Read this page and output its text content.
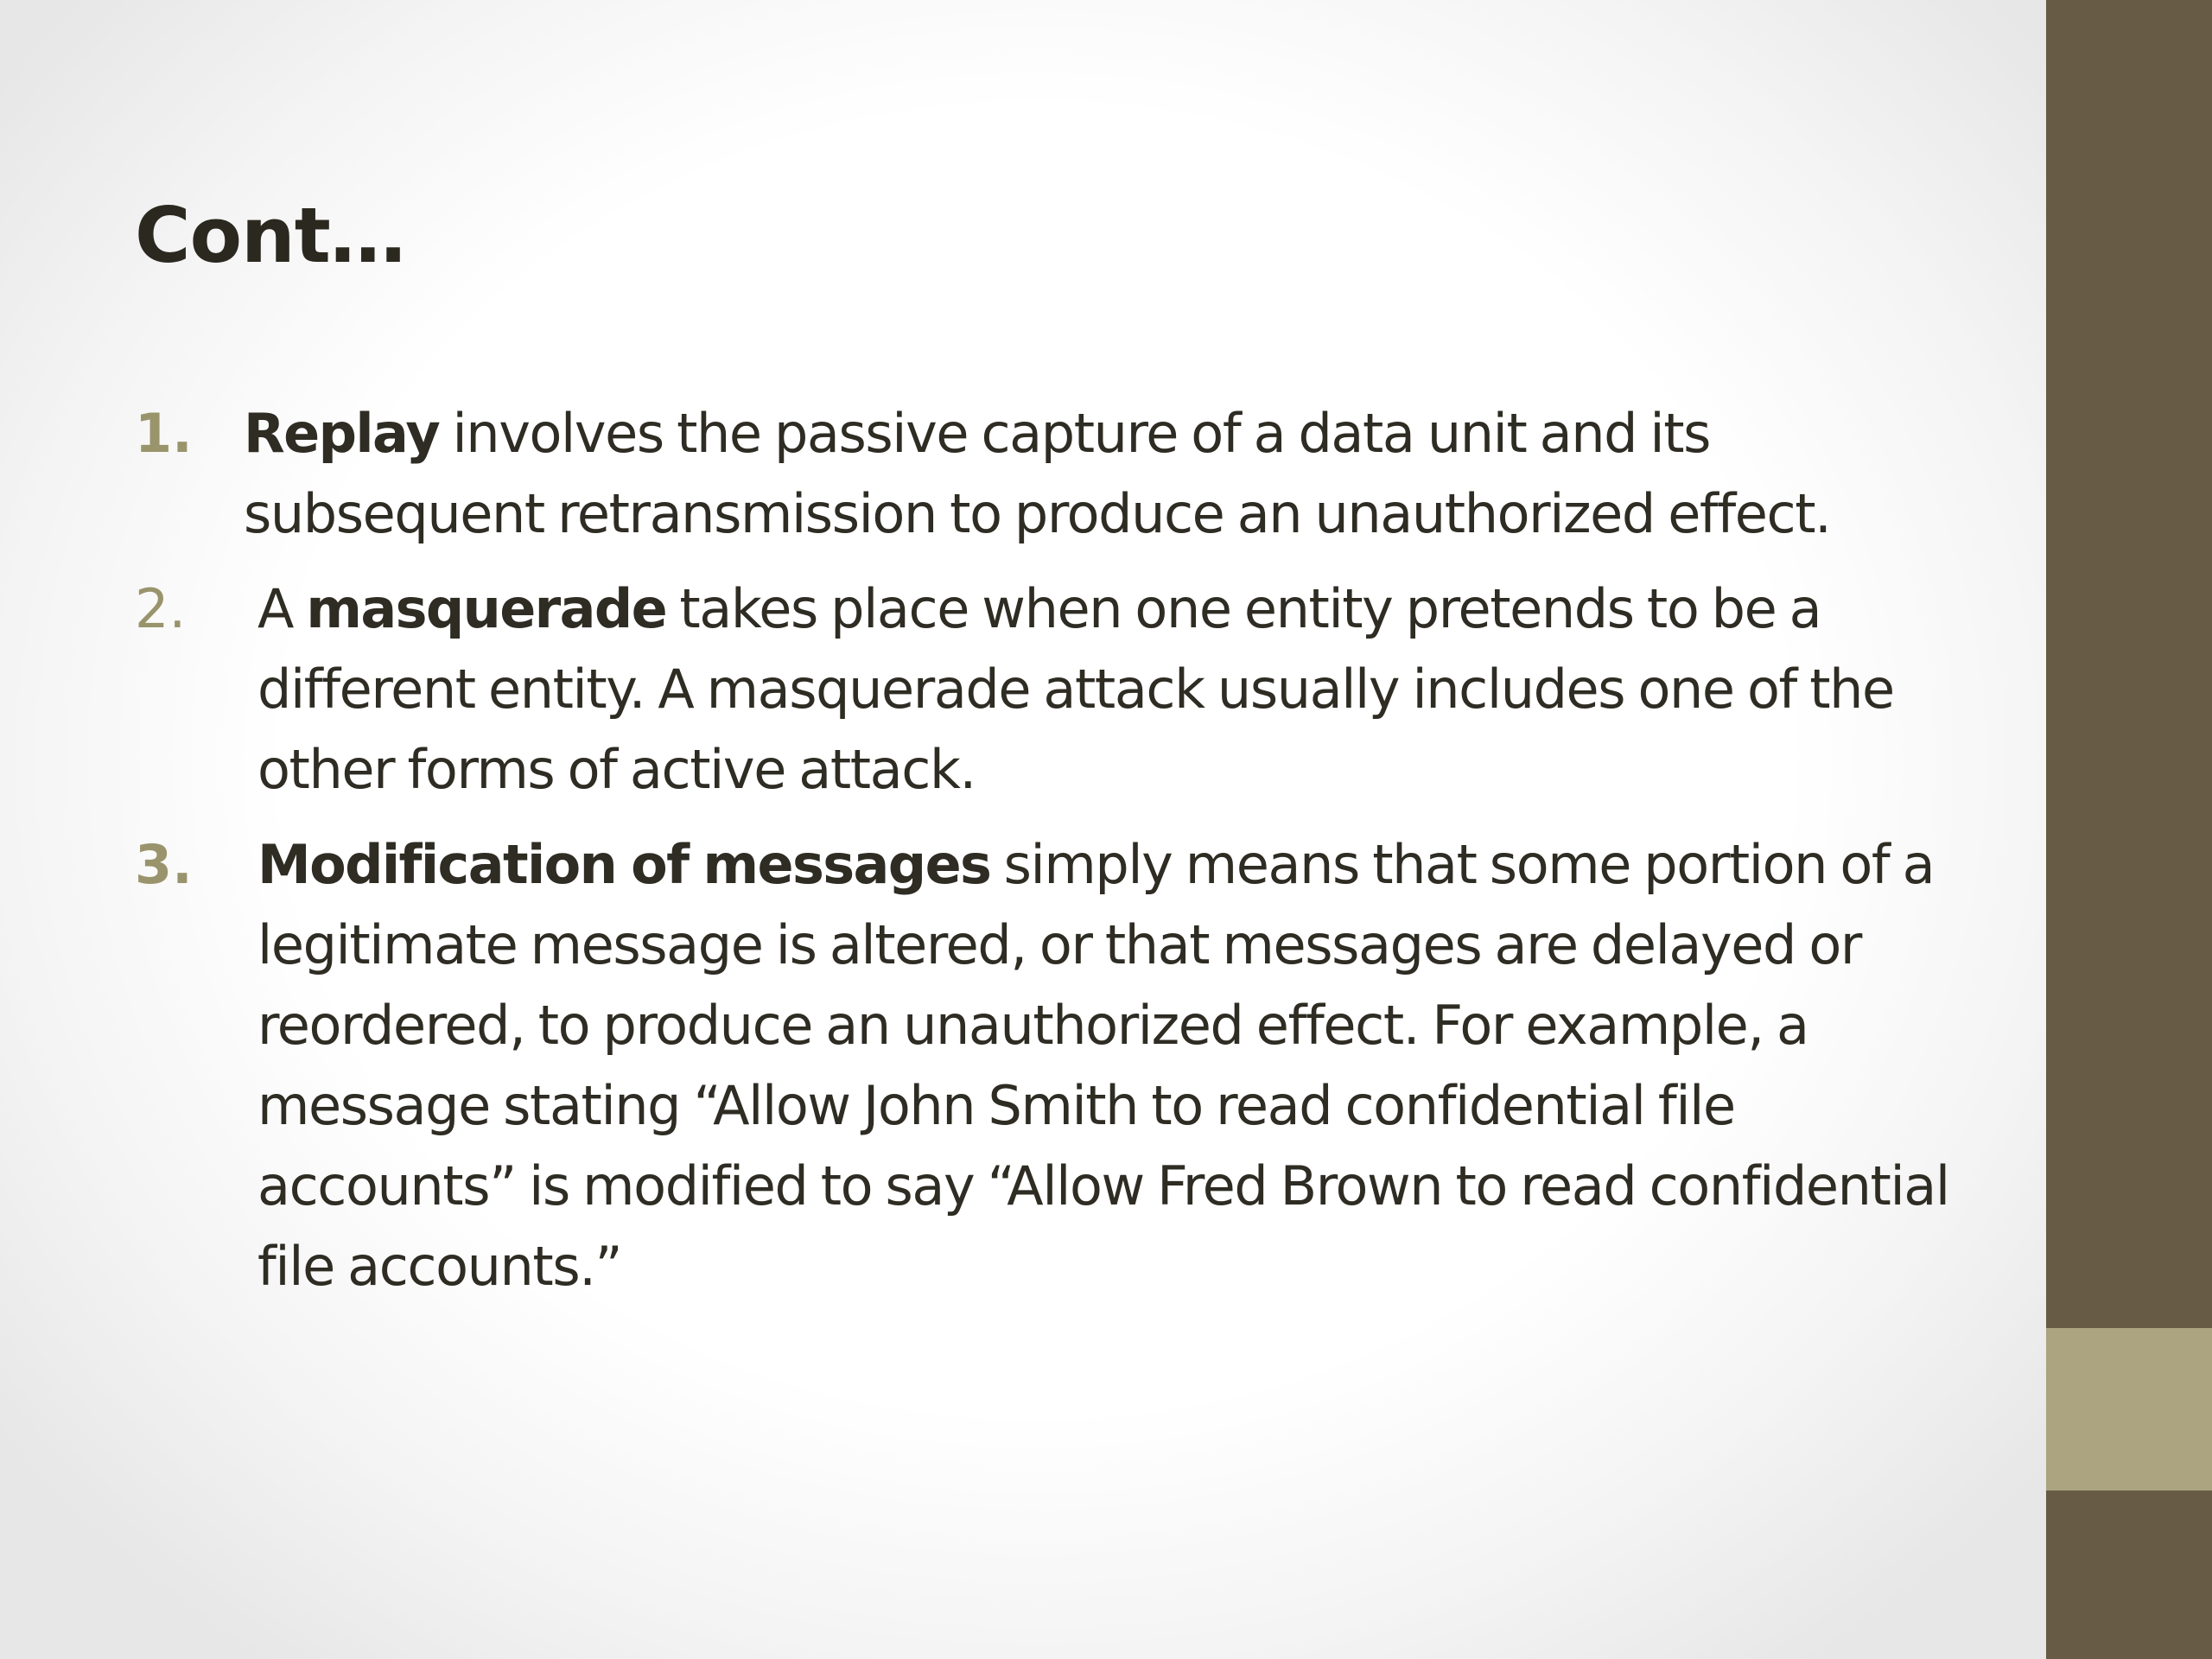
Cont…
1. Replay involves the passive capture of a data unit and its subsequent retransmission to produce an unauthorized effect.
2. A masquerade takes place when one entity pretends to be a different entity. A masquerade attack usually includes one of the other forms of active attack.
3. Modification of messages simply means that some portion of a legitimate message is altered, or that messages are delayed or reordered, to produce an unauthorized effect. For example, a message stating “Allow John Smith to read confidential file accounts” is modified to say “Allow Fred Brown to read confidential file accounts.”
